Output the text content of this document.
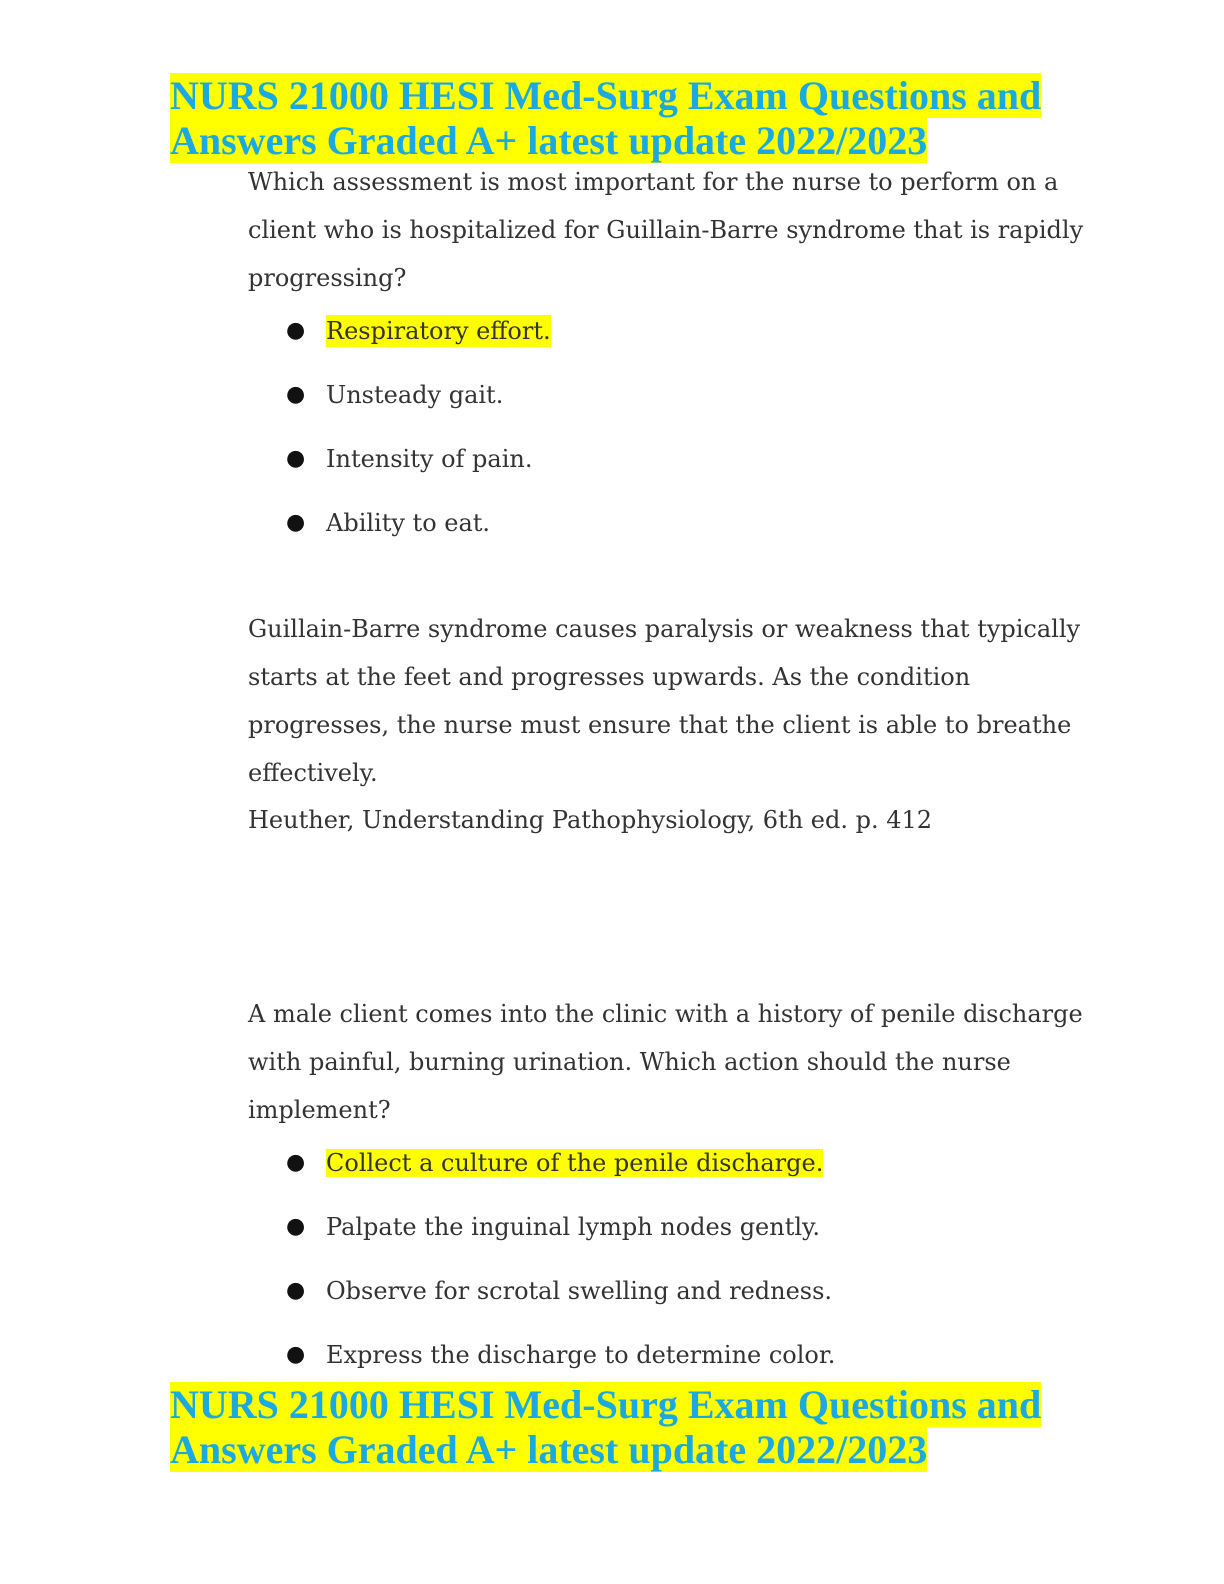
NURS 21000 HESI Med-Surg Exam Questions and
Answers Graded A+ latest update 2022/2023

Which assessment is most important for the nurse to perform on a client who is hospitalized for Guillain-Barre syndrome that is rapidly progressing?

● Respiratory effort.
● Unsteady gait.
● Intensity of pain.
● Ability to eat.

Guillain-Barre syndrome causes paralysis or weakness that typically starts at the feet and progresses upwards. As the condition progresses, the nurse must ensure that the client is able to breathe effectively.

Heuther, Understanding Pathophysiology, 6th ed. p. 412

A male client comes into the clinic with a history of penile discharge with painful, burning urination. Which action should the nurse implement?

● Collect a culture of the penile discharge.
● Palpate the inguinal lymph nodes gently.
● Observe for scrotal swelling and redness.
● Express the discharge to determine color.
NURS 21000 HESI Med-Surg Exam Questions and
Answers Graded A+ latest update 2022/2023
